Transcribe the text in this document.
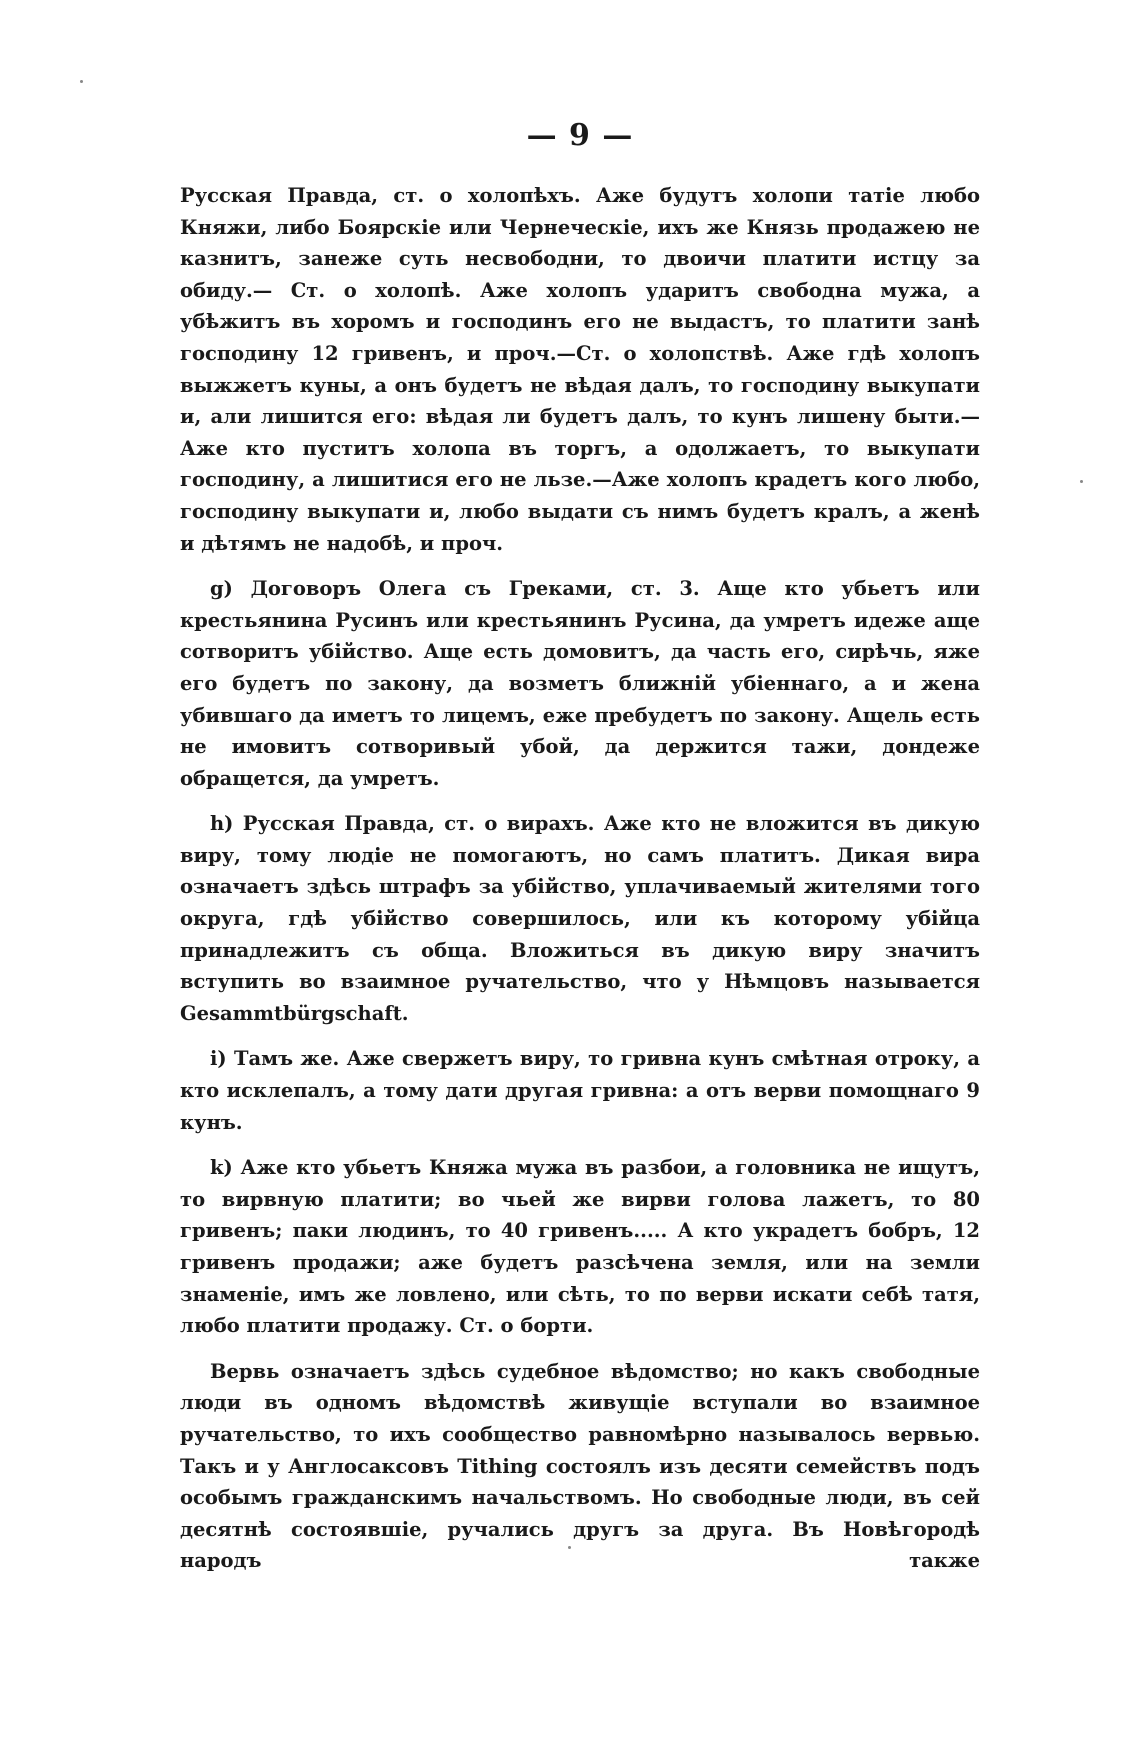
— 9 —

Русская Правда, ст. о холопѣхъ. Аже будутъ холопи татіе любо Княжи, либо Боярскіе или Чернеческіе, ихъ же Князь продажею не казнитъ, занеже суть несвободни, то двоичи платити истцу за обиду.— Ст. о холопѣ. Аже холопъ ударитъ свободна мужа, а убѣжитъ въ хоромъ и господинъ его не выдастъ, то платити занѣ господину 12 гривенъ, и проч.—Ст. о холопствѣ. Аже гдѣ холопъ выжжетъ куны, а онъ будетъ не вѣдая далъ, то господину выкупати и, али лишится его: вѣдая ли будетъ далъ, то кунъ лишену быти.—Аже кто пуститъ холопа въ торгъ, а одолжаетъ, то выкупати господину, а лишитися его не льзе.—Аже холопъ крадетъ кого любо, господину выкупати и, любо выдати съ нимъ будетъ кралъ, а женѣ и дѣтямъ не надобѣ, и проч.

g) Договоръ Олега съ Греками, ст. 3. Аще кто убьетъ или крестьянина Русинъ или крестьянинъ Русина, да умретъ идеже аще сотворитъ убійство. Аще есть домовитъ, да часть его, сирѣчь, яже его будетъ по закону, да возметъ ближній убіеннаго, а и жена убившаго да иметъ то лицемъ, еже пребудетъ по закону. Ащель есть не имовитъ сотворивый убой, да держится тажи, дондеже обращется, да умретъ.

h) Русская Правда, ст. о вирахъ. Аже кто не вложится въ дикую виру, тому людіе не помогаютъ, но самъ платитъ. Дикая вира означаетъ здѣсь штрафъ за убійство, уплачиваемый жителями того округа, гдѣ убійство совершилось, или къ которому убійца принадлежитъ съ обща. Вложиться въ дикую виру значитъ вступить во взаимное ручательство, что у Нѣмцовъ называется Gesammtbürgschaft.

i) Тамъ же. Аже свержетъ виру, то гривна кунъ смѣтная отроку, а кто исклепалъ, а тому дати другая гривна: а отъ верви помощнаго 9 кунъ.

k) Аже кто убьетъ Княжа мужа въ разбои, а головника не ищутъ, то вирвную платити; во чьей же вирви голова лажетъ, то 80 гривенъ; паки людинъ, то 40 гривенъ..... А кто украдетъ бобръ, 12 гривенъ продажи; аже будетъ разсѣчена земля, или на земли знаменіе, имъ же ловлено, или сѣть, то по верви искати себѣ татя, любо платити продажу. Ст. о борти.

Вервь означаетъ здѣсь судебное вѣдомство; но какъ свободные люди въ одномъ вѣдомствѣ живущіе вступали во взаимное ручательство, то ихъ сообщество равномѣрно называлось вервью. Такъ и у Англосаксовъ Tithing состоялъ изъ десяти семействъ подъ особымъ гражданскимъ начальствомъ. Но свободные люди, въ сей десятнѣ состоявшіе, ручались другъ за друга. Въ Новѣгородѣ народъ также
